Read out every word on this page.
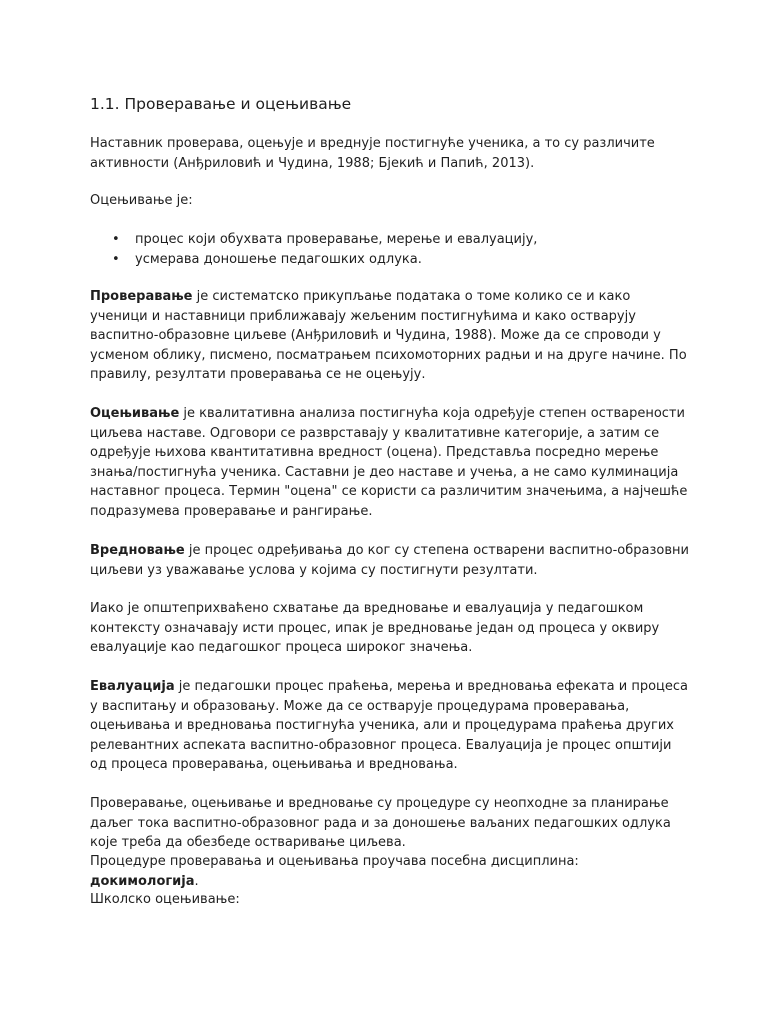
1.1. Проверавање и оцењивање

Наставник проверава, оцењује и вреднује постигнуће ученика, а то су различите активности (Анђриловић и Чудина, 1988; Бјекић и Папић, 2013).

Оцењивање је:

• процес који обухвата проверавање, мерење и евалуацију,
• усмерава доношење педагошких одлука.

Проверавање је систематско прикупљање података о томе колико се и како ученици и наставници приближавају жељеним постигнућима и како остварују васпитно-образовне циљеве (Анђриловић и Чудина, 1988). Може да се спроводи у усменом облику, писмено, посматрањем психомоторних радњи и на друге начине. По правилу, резултати проверавања се не оцењују.

Оцењивање је квалитативна анализа постигнућа која одређује степен остварености циљева наставе. Одговори се разврставају у квалитативне категорије, а затим се одређује њихова квантитативна вредност (оцена). Представља посредно мерење знања/постигнућа ученика. Саставни је део наставе и учења, а не само кулминација наставног процеса. Термин "оцена" се користи са различитим значењима, а најчешће подразумева проверавање и рангирање.

Вредновање је процес одређивања до ког су степена остварени васпитно-образовни циљеви уз уважавање услова у којима су постигнути резултати.

Иако је општеприхваћено схватање да вредновање и евалуација у педагошком контексту означавају исти процес, ипак је вредновање један од процеса у оквиру евалуације као педагошког процеса широког значења.

Евалуација је педагошки процес праћења, мерења и вредновања ефеката и процеса у васпитању и образовању. Може да се остварује процедурама проверавања, оцењивања и вредновања постигнућа ученика, али и процедурама праћења других релевантних аспеката васпитно-образовног процеса. Евалуација је процес општији од процеса проверавања, оцењивања и вредновања.

Проверавање, оцењивање и вредновање су процедуре су неопходне за планирање даљег тока васпитно-образовног рада и за доношење ваљаних педагошких одлука које треба да обезбеде остваривање циљева.

Процедуре проверавања и оцењивања проучава посебна дисциплина: докимологија.

Школско оцењивање:
